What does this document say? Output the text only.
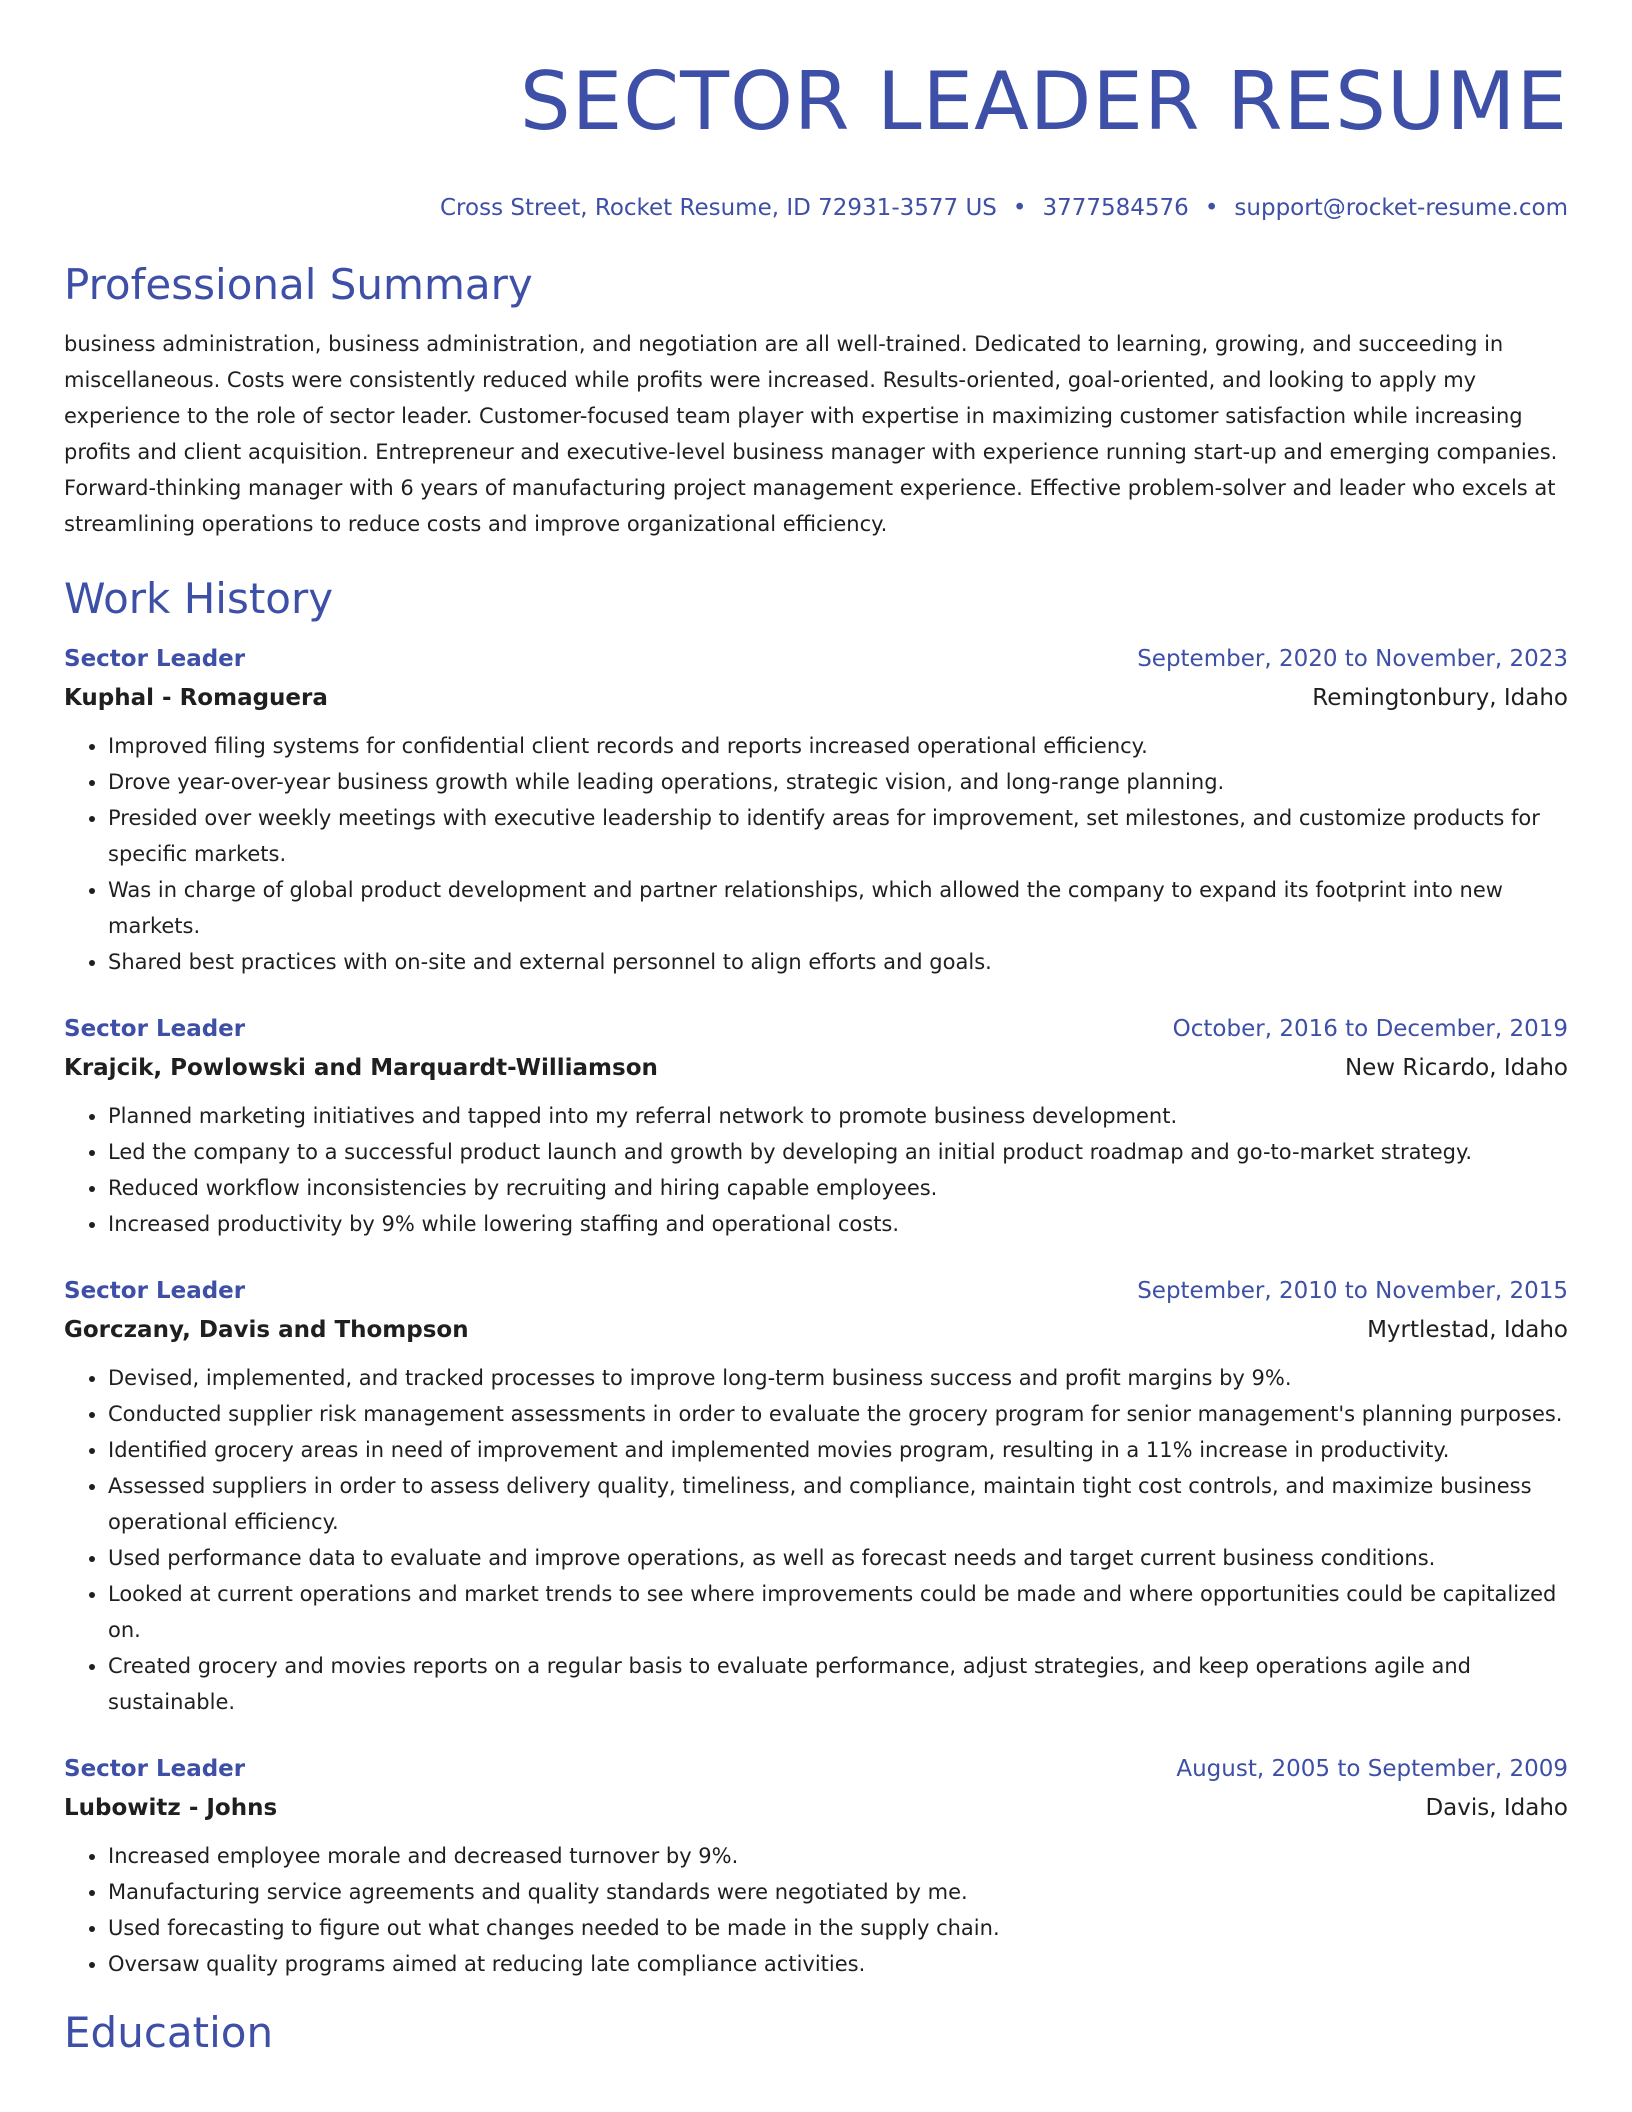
SECTOR LEADER RESUME
Cross Street, Rocket Resume, ID 72931-3577 US • 3777584576 • support@rocket-resume.com
Professional Summary
business administration, business administration, and negotiation are all well-trained. Dedicated to learning, growing, and succeeding in miscellaneous. Costs were consistently reduced while profits were increased. Results-oriented, goal-oriented, and looking to apply my experience to the role of sector leader. Customer-focused team player with expertise in maximizing customer satisfaction while increasing profits and client acquisition. Entrepreneur and executive-level business manager with experience running start-up and emerging companies. Forward-thinking manager with 6 years of manufacturing project management experience. Effective problem-solver and leader who excels at streamlining operations to reduce costs and improve organizational efficiency.
Work History
Sector Leader	September, 2020 to November, 2023
Kuphal - Romaguera	Remingtonbury, Idaho
• Improved filing systems for confidential client records and reports increased operational efficiency.
• Drove year-over-year business growth while leading operations, strategic vision, and long-range planning.
• Presided over weekly meetings with executive leadership to identify areas for improvement, set milestones, and customize products for specific markets.
• Was in charge of global product development and partner relationships, which allowed the company to expand its footprint into new markets.
• Shared best practices with on-site and external personnel to align efforts and goals.
Sector Leader	October, 2016 to December, 2019
Krajcik, Powlowski and Marquardt-Williamson	New Ricardo, Idaho
• Planned marketing initiatives and tapped into my referral network to promote business development.
• Led the company to a successful product launch and growth by developing an initial product roadmap and go-to-market strategy.
• Reduced workflow inconsistencies by recruiting and hiring capable employees.
• Increased productivity by 9% while lowering staffing and operational costs.
Sector Leader	September, 2010 to November, 2015
Gorczany, Davis and Thompson	Myrtlestad, Idaho
• Devised, implemented, and tracked processes to improve long-term business success and profit margins by 9%.
• Conducted supplier risk management assessments in order to evaluate the grocery program for senior management's planning purposes.
• Identified grocery areas in need of improvement and implemented movies program, resulting in a 11% increase in productivity.
• Assessed suppliers in order to assess delivery quality, timeliness, and compliance, maintain tight cost controls, and maximize business operational efficiency.
• Used performance data to evaluate and improve operations, as well as forecast needs and target current business conditions.
• Looked at current operations and market trends to see where improvements could be made and where opportunities could be capitalized on.
• Created grocery and movies reports on a regular basis to evaluate performance, adjust strategies, and keep operations agile and sustainable.
Sector Leader	August, 2005 to September, 2009
Lubowitz - Johns	Davis, Idaho
• Increased employee morale and decreased turnover by 9%.
• Manufacturing service agreements and quality standards were negotiated by me.
• Used forecasting to figure out what changes needed to be made in the supply chain.
• Oversaw quality programs aimed at reducing late compliance activities.
Education
